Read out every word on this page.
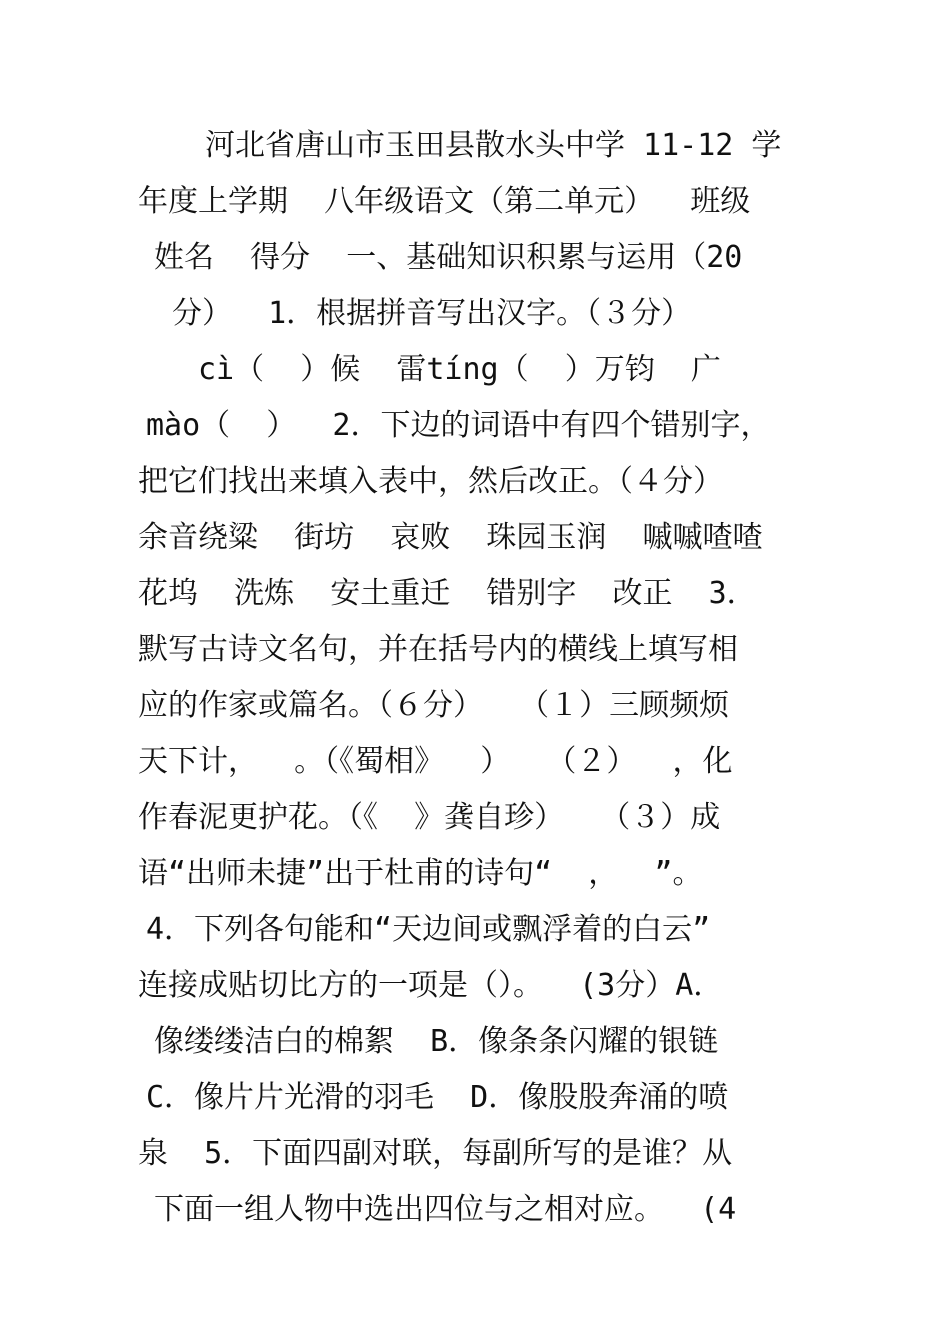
河北省唐山市玉田县散水头中学 11-12 学
年度上学期  八年级语文（第二单元）  班级
姓名  得分  一、基础知识积累与运用（20
分）  1．根据拼音写出汉字。（３分）
cì（  ）候  雷tíng（  ）万钧  广
mào（  ）  2．下边的词语中有四个错别字，
把它们找出来填入表中，然后改正。（４分）
余音绕粱  街坊  哀败  珠园玉润  嘁嘁喳喳
花坞  洗炼  安土重迁  错别字  改正  3．
默写古诗文名句，并在括号内的横线上填写相
应的作家或篇名。（６分）  （１）三顾频烦
天下计，  。（《蜀相》  ）  （２）  ，化
作春泥更护花。（《  》龚自珍）  （３）成
语“出师未捷”出于杜甫的诗句“  ，  ”。
4．下列各句能和“天边间或飘浮着的白云”
连接成贴切比方的一项是（）。  (3分）A．
像缕缕洁白的棉絮  B．像条条闪耀的银链
C．像片片光滑的羽毛  D．像股股奔涌的喷
泉  5．下面四副对联，每副所写的是谁？从
下面一组人物中选出四位与之相对应。  (4
